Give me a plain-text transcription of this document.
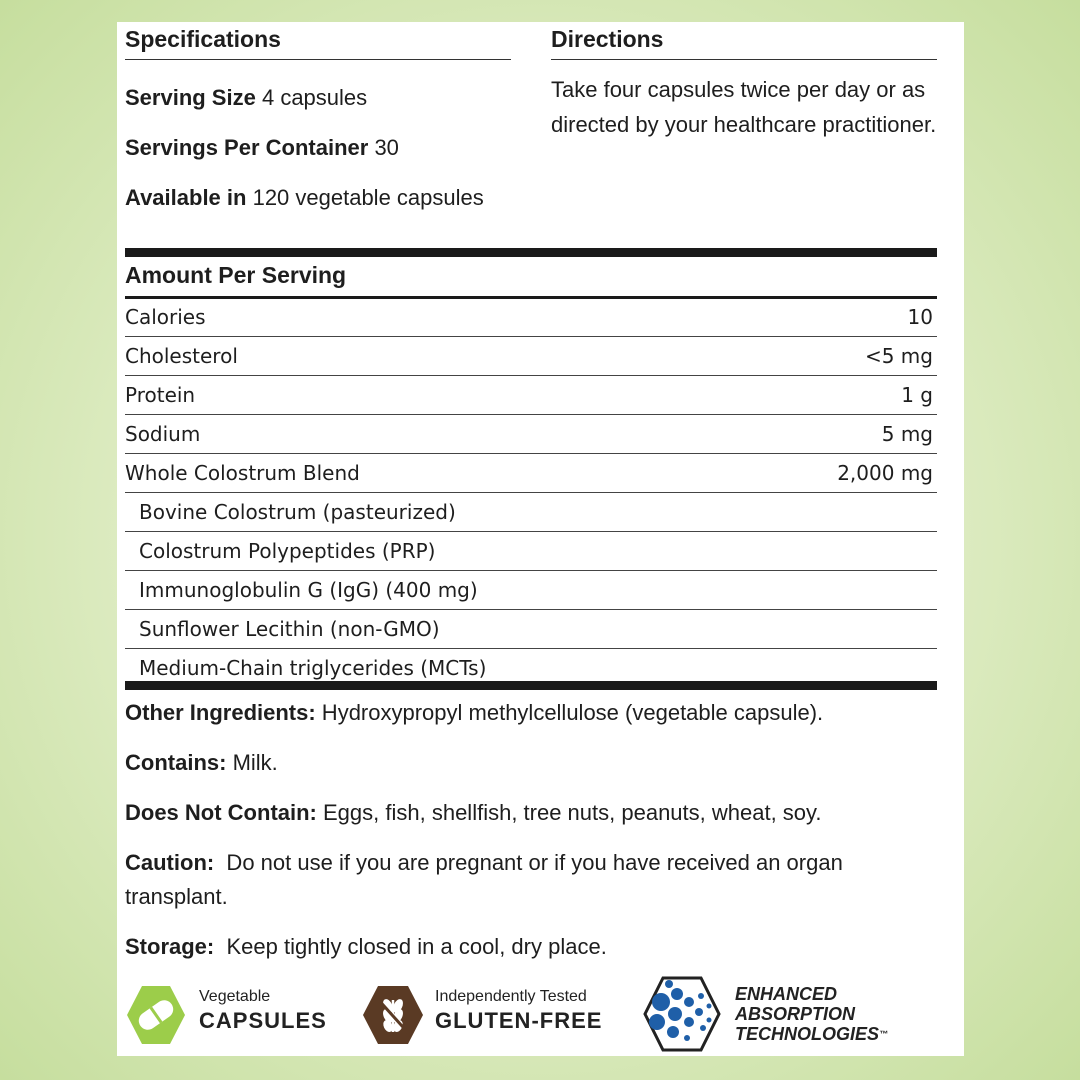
Specifications
Serving Size 4 capsules
Servings Per Container 30
Available in 120 vegetable capsules
Directions
Take four capsules twice per day or as directed by your healthcare practitioner.
Amount Per Serving
Calories	10
Cholesterol	<5 mg
Protein	1 g
Sodium	5 mg
Whole Colostrum Blend	2,000 mg
Bovine Colostrum (pasteurized)
Colostrum Polypeptides (PRP)
Immunoglobulin G (IgG) (400 mg)
Sunflower Lecithin (non-GMO)
Medium-Chain triglycerides (MCTs)
Other Ingredients: Hydroxypropyl methylcellulose (vegetable capsule).
Contains: Milk.
Does Not Contain: Eggs, fish, shellfish, tree nuts, peanuts, wheat, soy.
Caution:  Do not use if you are pregnant or if you have received an organ transplant.
Storage:  Keep tightly closed in a cool, dry place.
Vegetable
CAPSULES
Independently Tested
GLUTEN-FREE
ENHANCED
ABSORPTION
TECHNOLOGIES™
